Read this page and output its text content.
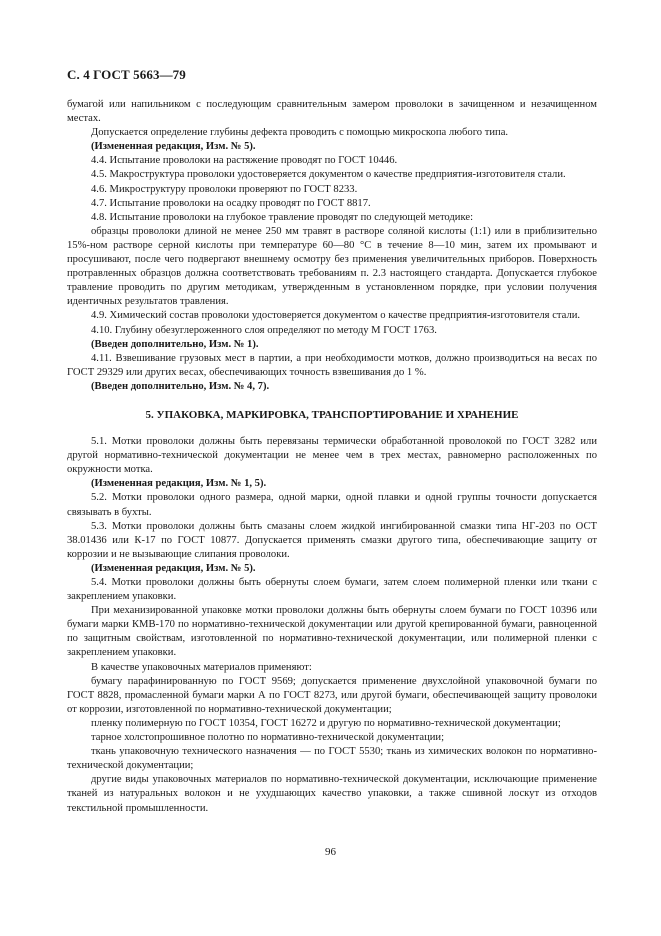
С. 4 ГОСТ 5663—79

бумагой или напильником с последующим сравнительным замером проволоки в зачищенном и незачищенном местах.

Допускается определение глубины дефекта проводить с помощью микроскопа любого типа.

(Измененная редакция, Изм. № 5).

4.4. Испытание проволоки на растяжение проводят по ГОСТ 10446.

4.5. Макроструктура проволоки удостоверяется документом о качестве предприятия-изготовителя стали.

4.6. Микроструктуру проволоки проверяют по ГОСТ 8233.

4.7. Испытание проволоки на осадку проводят по ГОСТ 8817.

4.8. Испытание проволоки на глубокое травление проводят по следующей методике:

образцы проволоки длиной не менее 250 мм травят в растворе соляной кислоты (1:1) или в приблизительно 15%-ном растворе серной кислоты при температуре 60—80 °С в течение 8—10 мин, затем их промывают и просушивают, после чего подвергают внешнему осмотру без применения увеличительных приборов. Поверхность протравленных образцов должна соответствовать требованиям п. 2.3 настоящего стандарта. Допускается глубокое травление проводить по другим методикам, утвержденным в установленном порядке, при условии получения идентичных результатов травления.

4.9. Химический состав проволоки удостоверяется документом о качестве предприятия-изготовителя стали.

4.10. Глубину обезуглероженного слоя определяют по методу М ГОСТ 1763.

(Введен дополнительно, Изм. № 1).

4.11. Взвешивание грузовых мест в партии, а при необходимости мотков, должно производиться на весах по ГОСТ 29329 или других весах, обеспечивающих точность взвешивания до 1 %.

(Введен дополнительно, Изм. № 4, 7).

5. УПАКОВКА, МАРКИРОВКА, ТРАНСПОРТИРОВАНИЕ И ХРАНЕНИЕ

5.1. Мотки проволоки должны быть перевязаны термически обработанной проволокой по ГОСТ 3282 или другой нормативно-технической документации не менее чем в трех местах, равномерно расположенных по окружности мотка.

(Измененная редакция, Изм. № 1, 5).

5.2. Мотки проволоки одного размера, одной марки, одной плавки и одной группы точности допускается связывать в бухты.

5.3. Мотки проволоки должны быть смазаны слоем жидкой ингибированной смазки типа НГ-203 по ОСТ 38.01436 или К-17 по ГОСТ 10877. Допускается применять смазки другого типа, обеспечивающие защиту от коррозии и не вызывающие слипания проволоки.

(Измененная редакция, Изм. № 5).

5.4. Мотки проволоки должны быть обернуты слоем бумаги, затем слоем полимерной пленки или ткани с закреплением упаковки.

При механизированной упаковке мотки проволоки должны быть обернуты слоем бумаги по ГОСТ 10396 или бумаги марки КМВ-170 по нормативно-технической документации или другой крепированной бумаги, равноценной по защитным свойствам, изготовленной по нормативно-технической документации, или полимерной пленки с закреплением упаковки.

В качестве упаковочных материалов применяют:

бумагу парафинированную по ГОСТ 9569; допускается применение двухслойной упаковочной бумаги по ГОСТ 8828, промасленной бумаги марки А по ГОСТ 8273, или другой бумаги, обеспечивающей защиту проволоки от коррозии, изготовленной по нормативно-технической документации;

пленку полимерную по ГОСТ 10354, ГОСТ 16272 и другую по нормативно-технической документации;

тарное холстопрошивное полотно по нормативно-технической документации;

ткань упаковочную технического назначения — по ГОСТ 5530; ткань из химических волокон по нормативно-технической документации;

другие виды упаковочных материалов по нормативно-технической документации, исключающие применение тканей из натуральных волокон и не ухудшающих качество упаковки, а также сшивной лоскут из отходов текстильной промышленности.

96
